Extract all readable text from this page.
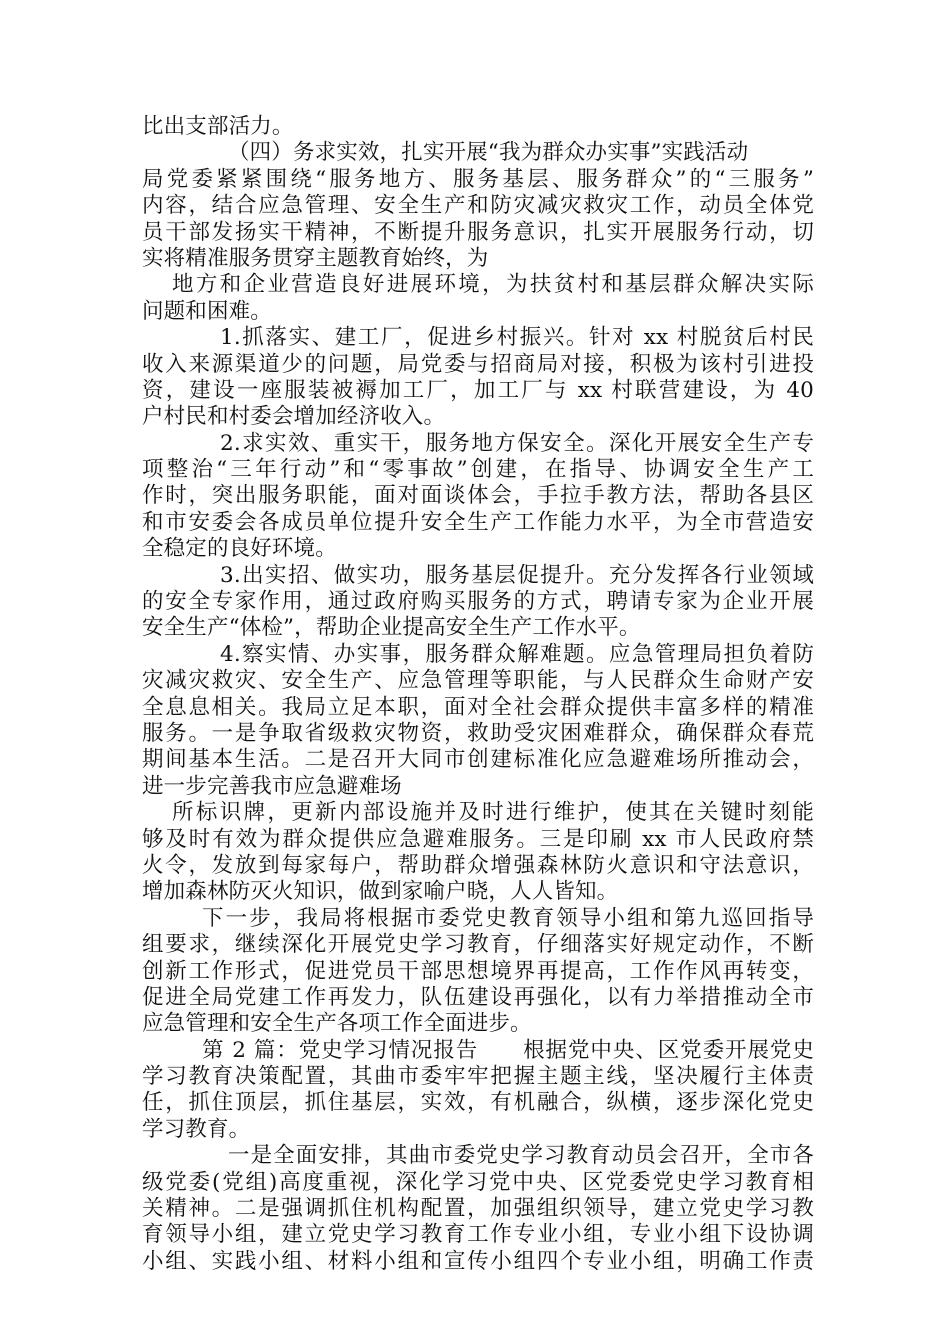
比出支部活力。
（四）务求实效，扎实开展“我为群众办实事”实践活动
局党委紧紧围绕“服务地方、服务基层、服务群众”的“三服务”
内容，结合应急管理、安全生产和防灾减灾救灾工作，动员全体党
员干部发扬实干精神，不断提升服务意识，扎实开展服务行动，切
实将精准服务贯穿主题教育始终，为
地方和企业营造良好进展环境，为扶贫村和基层群众解决实际
问题和困难。
1.抓落实、建工厂，促进乡村振兴。针对 xx 村脱贫后村民
收入来源渠道少的问题，局党委与招商局对接，积极为该村引进投
资，建设一座服装被褥加工厂，加工厂与 xx 村联营建设，为 40
户村民和村委会增加经济收入。
2.求实效、重实干，服务地方保安全。深化开展安全生产专
项整治“三年行动”和“零事故”创建，在指导、协调安全生产工
作时，突出服务职能，面对面谈体会，手拉手教方法，帮助各县区
和市安委会各成员单位提升安全生产工作能力水平，为全市营造安
全稳定的良好环境。
3.出实招、做实功，服务基层促提升。充分发挥各行业领域
的安全专家作用，通过政府购买服务的方式，聘请专家为企业开展
安全生产“体检”，帮助企业提高安全生产工作水平。
4.察实情、办实事，服务群众解难题。应急管理局担负着防
灾减灾救灾、安全生产、应急管理等职能，与人民群众生命财产安
全息息相关。我局立足本职，面对全社会群众提供丰富多样的精准
服务。一是争取省级救灾物资，救助受灾困难群众，确保群众春荒
期间基本生活。二是召开大同市创建标准化应急避难场所推动会，
进一步完善我市应急避难场
所标识牌，更新内部设施并及时进行维护，使其在关键时刻能
够及时有效为群众提供应急避难服务。三是印刷 xx 市人民政府禁
火令，发放到每家每户，帮助群众增强森林防火意识和守法意识，
增加森林防灭火知识，做到家喻户晓，人人皆知。
下一步，我局将根据市委党史教育领导小组和第九巡回指导
组要求，继续深化开展党史学习教育，仔细落实好规定动作，不断
创新工作形式，促进党员干部思想境界再提高，工作作风再转变，
促进全局党建工作再发力，队伍建设再强化，以有力举措推动全市
应急管理和安全生产各项工作全面进步。
第 2 篇：党史学习情况报告　　根据党中央、区党委开展党史
学习教育决策配置，其曲市委牢牢把握主题主线，坚决履行主体责
任，抓住顶层，抓住基层，实效，有机融合，纵横，逐步深化党史
学习教育。
一是全面安排，其曲市委党史学习教育动员会召开，全市各
级党委(党组)高度重视，深化学习党中央、区党委党史学习教育相
关精神。二是强调抓住机构配置，加强组织领导，建立党史学习教
育领导小组，建立党史学习教育工作专业小组，专业小组下设协调
小组、实践小组、材料小组和宣传小组四个专业小组，明确工作责
